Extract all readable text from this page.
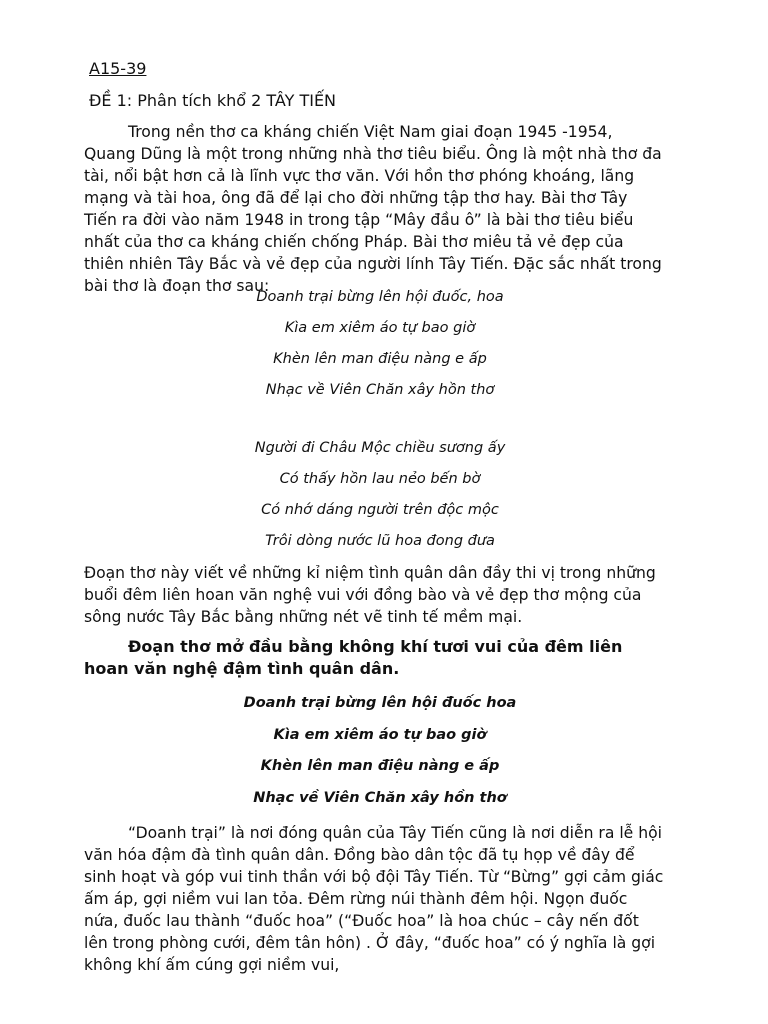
A15-39
ĐỀ 1: Phân tích khổ 2 TÂY TIẾN

Trong nền thơ ca kháng chiến Việt Nam giai đoạn 1945 -1954, Quang Dũng là một trong những nhà thơ tiêu biểu. Ông là một nhà thơ đa tài, nổi bật hơn cả là lĩnh vực thơ văn. Với hồn thơ phóng khoáng, lãng mạng và tài hoa, ông đã để lại cho đời những tập thơ hay. Bài thơ Tây Tiến ra đời vào năm 1948 in trong tập “Mây đầu ô” là bài thơ tiêu biểu nhất của thơ ca kháng chiến chống Pháp. Bài thơ miêu tả vẻ đẹp của thiên nhiên Tây Bắc và vẻ đẹp của người lính Tây Tiến. Đặc sắc nhất trong bài thơ là đoạn thơ sau:

Doanh trại bừng lên hội đuốc, hoa
Kìa em xiêm áo tự bao giờ
Khèn lên man điệu nàng e ấp
Nhạc về Viên Chăn xây hồn thơ
Người đi Châu Mộc chiều sương ấy
Có thấy hồn lau nẻo bến bờ
Có nhớ dáng người trên độc mộc
Trôi dòng nước lũ hoa đong đưa

Đoạn thơ này viết về những kỉ niệm tình quân dân đầy thi vị trong những buổi đêm liên hoan văn nghệ vui với đồng bào và vẻ đẹp thơ mộng của sông nước Tây Bắc bằng những nét vẽ tinh tế mềm mại.

Đoạn thơ mở đầu bằng không khí tươi vui của đêm liên hoan văn nghệ đậm tình quân dân.

Doanh trại bừng lên hội đuốc hoa
Kìa em xiêm áo tự bao giờ
Khèn lên man điệu nàng e ấp
Nhạc về Viên Chăn xây hồn thơ

“Doanh trại” là nơi đóng quân của Tây Tiến cũng là nơi diễn ra lễ hội văn hóa đậm đà tình quân dân. Đồng bào dân tộc đã tụ họp về đây để sinh hoạt và góp vui tinh thần với bộ đội Tây Tiến. Từ “Bừng” gợi cảm giác ấm áp, gợi niềm vui lan tỏa. Đêm rừng núi thành đêm hội. Ngọn đuốc nứa, đuốc lau thành “đuốc hoa” (“Đuốc hoa” là hoa chúc – cây nến đốt lên trong phòng cưới, đêm tân hôn) . Ở đây, “đuốc hoa” có ý nghĩa là gợi không khí ấm cúng gợi niềm vui,
